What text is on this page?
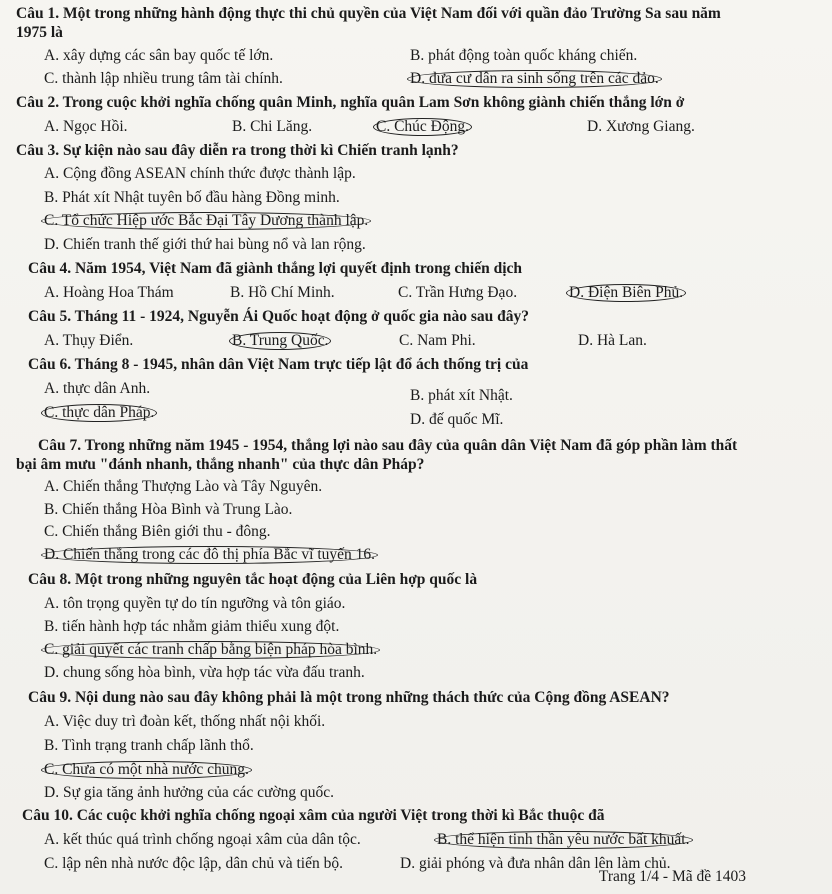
Câu 1. Một trong những hành động thực thi chủ quyền của Việt Nam đối với quần đảo Trường Sa sau năm
1975 là
A. xây dựng các sân bay quốc tế lớn.	B. phát động toàn quốc kháng chiến.
C. thành lập nhiều trung tâm tài chính.	D. đưa cư dân ra sinh sống trên các đảo.
Câu 2. Trong cuộc khởi nghĩa chống quân Minh, nghĩa quân Lam Sơn không giành chiến thắng lớn ở
A. Ngọc Hồi.	B. Chi Lăng.	C. Chúc Động.	D. Xương Giang.
Câu 3. Sự kiện nào sau đây diễn ra trong thời kì Chiến tranh lạnh?
A. Cộng đồng ASEAN chính thức được thành lập.
B. Phát xít Nhật tuyên bố đầu hàng Đồng minh.
C. Tổ chức Hiệp ước Bắc Đại Tây Dương thành lập.
D. Chiến tranh thế giới thứ hai bùng nổ và lan rộng.
Câu 4. Năm 1954, Việt Nam đã giành thắng lợi quyết định trong chiến dịch
A. Hoàng Hoa Thám	B. Hồ Chí Minh.	C. Trần Hưng Đạo.	D. Điện Biên Phủ.
Câu 5. Tháng 11 - 1924, Nguyễn Ái Quốc hoạt động ở quốc gia nào sau đây?
A. Thụy Điển.	B. Trung Quốc.	C. Nam Phi.	D. Hà Lan.
Câu 6. Tháng 8 - 1945, nhân dân Việt Nam trực tiếp lật đổ ách thống trị của
A. thực dân Anh.	B. phát xít Nhật.
C. thực dân Pháp.	D. đế quốc Mĩ.
Câu 7. Trong những năm 1945 - 1954, thắng lợi nào sau đây của quân dân Việt Nam đã góp phần làm thất
bại âm mưu "đánh nhanh, thắng nhanh" của thực dân Pháp?
A. Chiến thắng Thượng Lào và Tây Nguyên.
B. Chiến thắng Hòa Bình và Trung Lào.
C. Chiến thắng Biên giới thu - đông.
D. Chiến thắng trong các đô thị phía Bắc vĩ tuyến 16.
Câu 8. Một trong những nguyên tắc hoạt động của Liên hợp quốc là
A. tôn trọng quyền tự do tín ngưỡng và tôn giáo.
B. tiến hành hợp tác nhằm giảm thiểu xung đột.
C. giải quyết các tranh chấp bằng biện pháp hòa bình.
D. chung sống hòa bình, vừa hợp tác vừa đấu tranh.
Câu 9. Nội dung nào sau đây không phải là một trong những thách thức của Cộng đồng ASEAN?
A. Việc duy trì đoàn kết, thống nhất nội khối.
B. Tình trạng tranh chấp lãnh thổ.
C. Chưa có một nhà nước chung.
D. Sự gia tăng ảnh hưởng của các cường quốc.
Câu 10. Các cuộc khởi nghĩa chống ngoại xâm của người Việt trong thời kì Bắc thuộc đã
A. kết thúc quá trình chống ngoại xâm của dân tộc.	B. thể hiện tinh thần yêu nước bất khuất.
C. lập nên nhà nước độc lập, dân chủ và tiến bộ.	D. giải phóng và đưa nhân dân lên làm chủ.
Trang 1/4 - Mã đề 1403
